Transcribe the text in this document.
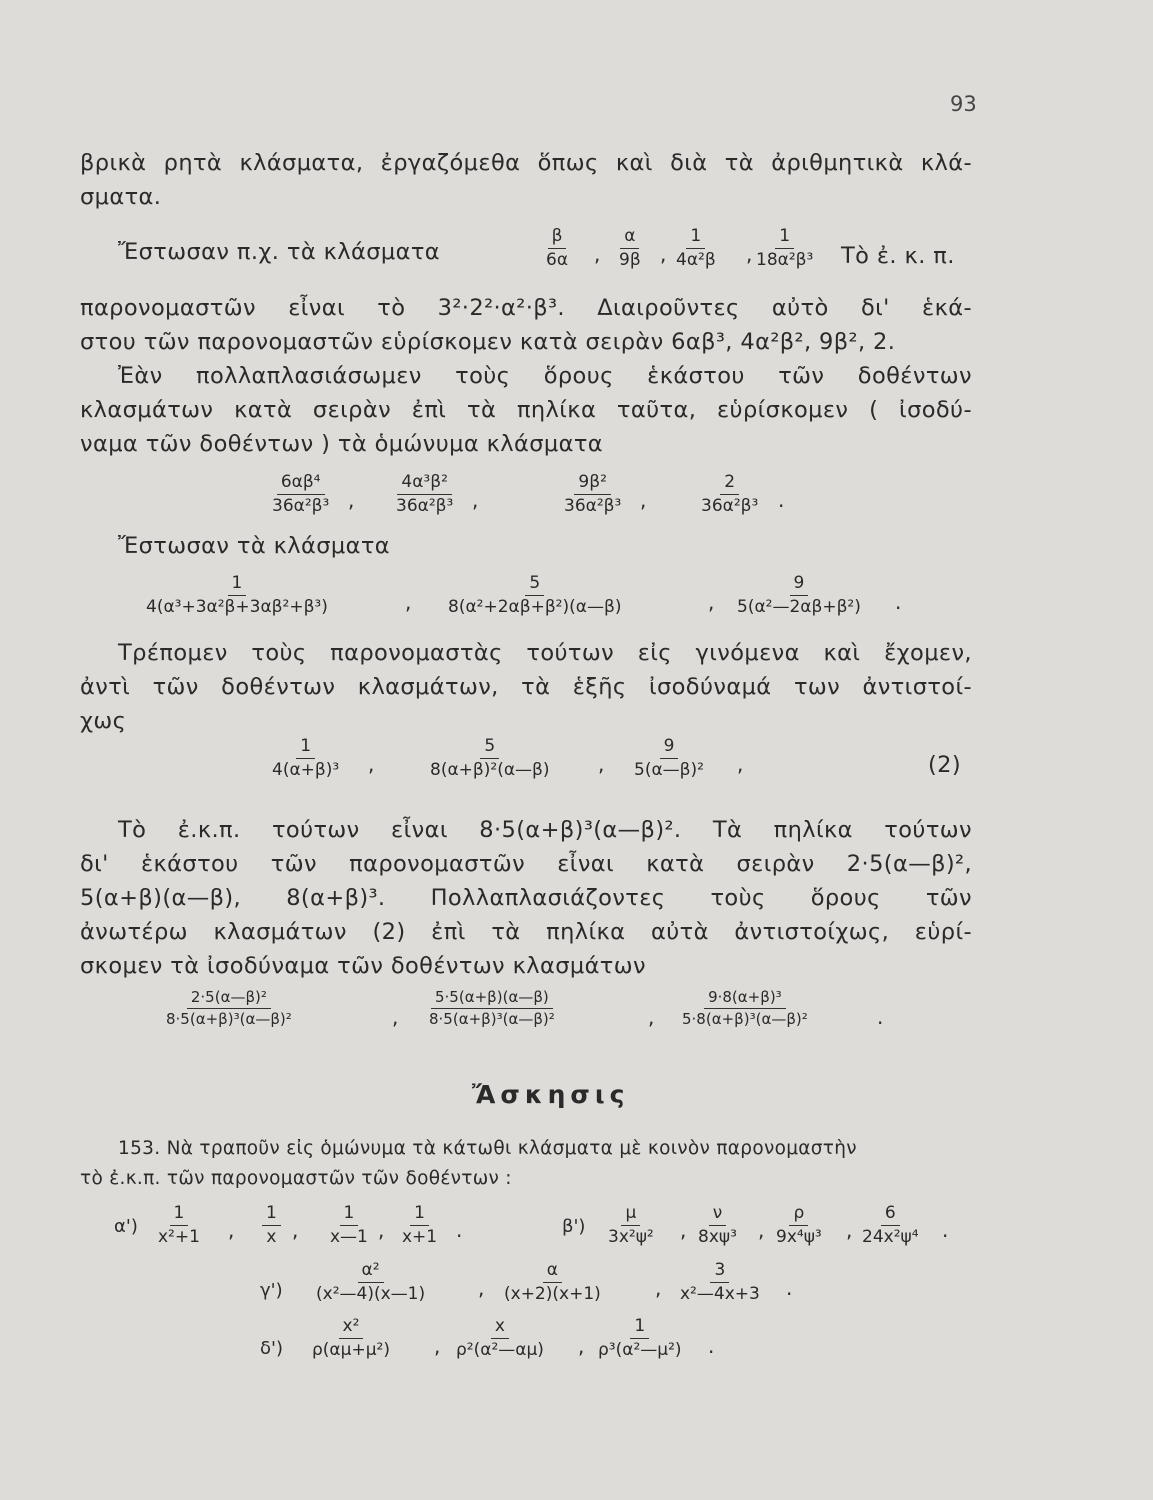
93
βρικὰ ρητὰ κλάσματα, ἐργαζόμεθα ὅπως καὶ διὰ τὰ ἀριθμητικὰ κλά-
σματα.
Ἔστωσαν π.χ. τὰ κλάσματα	$\frac{\beta}{6\alpha}$ , $\frac{\alpha}{9\beta}$ , $\frac{1}{\text{4α²β}}$ , $\frac{1}{\text{18α²β³}}$ Τὸ ἐ. κ. π.
παρονομαστῶν εἶναι τὸ 3²·2²·α²·β³. Διαιροῦντες αὐτὸ δι' ἑκά-
στου τῶν παρονομαστῶν εὑρίσκομεν κατὰ σειρὰν 6αβ³, 4α²β², 9β², 2.
Ἐὰν πολλαπλασιάσωμεν τοὺς ὅρους ἑκάστου τῶν δοθέντων
κλασμάτων κατὰ σειρὰν ἐπὶ τὰ πηλίκα ταῦτα, εὑρίσκομεν ( ἰσοδύ-
ναμα τῶν δοθέντων ) τὰ ὁμώνυμα κλάσματα
$\frac{\text{6αβ⁴}}{\text{36α²β³}}$ , $\frac{\text{4α³β²}}{\text{36α²β³}}$ ,	$\frac{\text{9β²}}{\text{36α²β³}}$ ,	$\frac{2}{\text{36α²β³}}$ .
Ἔστωσαν τὰ κλάσματα
$\frac{1}{\text{4(α³+3α²β+3αβ²+β³)}}$	, $\frac{5}{\text{8(α²+2αβ+β²)(α—β)}}$	, $\frac{9}{\text{5(α²—2αβ+β²)}}$ .
Τρέπομεν τοὺς παρονομαστὰς τούτων εἰς γινόμενα καὶ ἔχομεν,
ἀντὶ τῶν δοθέντων κλασμάτων, τὰ ἑξῆς ἰσοδύναμά των ἀντιστοί-
χως
$\frac{1}{\text{4(α+β)³}}$ ,	$\frac{5}{\text{8(α+β)²(α—β)}}$ , $\frac{9}{\text{5(α—β)²}}$ ,	(2)
Τὸ ἐ.κ.π. τούτων εἶναι 8·5(α+β)³(α—β)². Τὰ πηλίκα τούτων
δι' ἑκάστου τῶν παρονομαστῶν εἶναι κατὰ σειρὰν 2·5(α—β)²,
5(α+β)(α—β), 8(α+β)³. Πολλαπλασιάζοντες τοὺς ὅρους τῶν
ἀνωτέρω κλασμάτων (2) ἐπὶ τὰ πηλίκα αὐτὰ ἀντιστοίχως, εὑρί-
σκομεν τὰ ἰσοδύναμα τῶν δοθέντων κλασμάτων
$\frac{\text{2·5(α—β)²}}{\text{8·5(α+β)³(α—β)²}}$	, $\frac{5\cdot 5(\alpha+\beta)(\alpha—\beta)}{\text{8·5(α+β)³(α—β)²}}$	, $\frac{\text{9·8(α+β)³}}{\text{5·8(α+β)³(α—β)²}}$	.
Ἄσκησις
153. Νὰ τραποῦν εἰς ὁμώνυμα τὰ κάτωθι κλάσματα μὲ κοινὸν παρονομαστὴν
τὸ ἐ.κ.π. τῶν παρονομαστῶν τῶν δοθέντων :
$\alpha') \frac{1}{\text{x²+1}}$ , $\frac{1}{x}$ , $\frac{1}{x—1}$ , $\frac{1}{x+1}$ .	$\beta') \frac{\mu}{\text{3x²ψ²}}$ , $\frac{\nu}{\text{8xψ³}}$ , $\frac{\rho}{\text{9x⁴ψ³}}$ , $\frac{6}{\text{24x²ψ⁴}}$ .
$\gamma') \frac{\text{α²}}{\text{(x²—4)(x—1)}}$ , $\frac{\alpha}{(x+2)(x+1)}$	, $\frac{3}{\text{x²—4x+3}}$ .
$\delta') \frac{\text{x²}}{\text{ρ(αμ+μ²)}}$ , $\frac{x}{\text{ρ²(α²—αμ)}}$ , $\frac{1}{\text{ρ³(α²—μ²)}}$ .
